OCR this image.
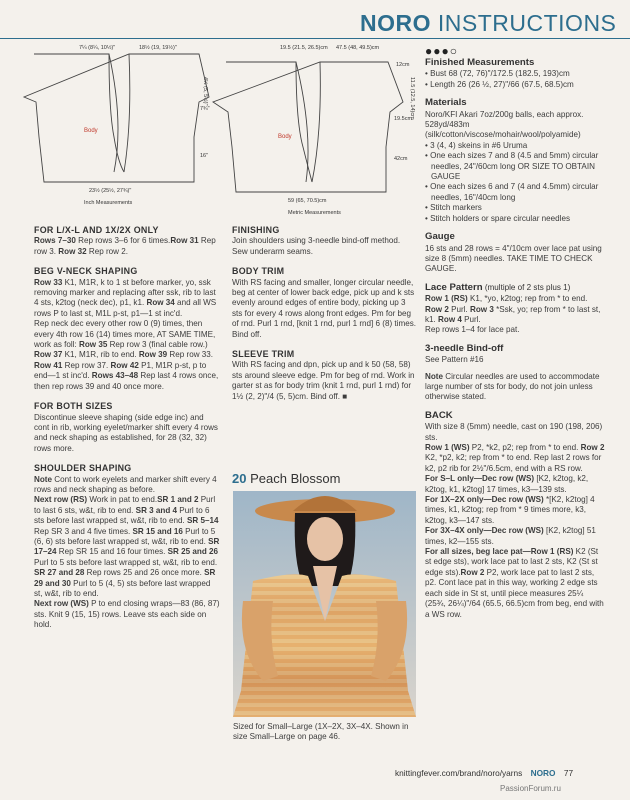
NORO INSTRUCTIONS
7¼ (8¼, 10½)"	18½ (19, 19½)"
4½ (5, 5½)"
7¾"
16"
23½ (25½, 27¾)"
Inch Measurements
Body
19.5 (21.5, 26.5)cm 47.5 (48, 49.5)cm
12cm
11.5 (12.5, 14)cm
19.5cm
42cm
59 (65, 70.5)cm
Metric Measurements
Body
FOR L/X-L AND 1X/2X ONLY

Rows 7–30 Rep rows 3–6 for 6 times.Row 31 Rep row 3. Row 32 Rep row 2.

BEG V-NECK SHAPING

Row 33 K1, M1R, k to 1 st before marker, yo, ssk removing marker and replacing after ssk, rib to last 4 sts, k2tog (neck dec), p1, k1. Row 34 and all WS rows P to last st, M1L p-st, p1—1 st inc'd.

Rep neck dec every other row 0 (9) times, then every 4th row 16 (14) times more, AT SAME TIME, work as foll: Row 35 Rep row 3 (final cable row.) Row 37 K1, M1R, rib to end. Row 39 Rep row 33. Row 41 Rep row 37. Row 42 P1, M1R p-st, p to end—1 st inc'd. Rows 43–48 Rep last 4 rows once, then rep rows 39 and 40 once more.

FOR BOTH SIZES

Discontinue sleeve shaping (side edge inc) and cont in rib, working eyelet/marker shift every 4 rows and neck shaping as established, for 28 (32, 32) rows more.

SHOULDER SHAPING

Note Cont to work eyelets and marker shift every 4 rows and neck shaping as before.

Next row (RS) Work in pat to end.SR 1 and 2 Purl to last 6 sts, w&t, rib to end. SR 3 and 4 Purl to 6 sts before last wrapped st, w&t, rib to end. SR 5–14 Rep SR 3 and 4 five times. SR 15 and 16 Purl to 5 (6, 6) sts before last wrapped st, w&t, rib to end. SR 17–24 Rep SR 15 and 16 four times. SR 25 and 26 Purl to 5 sts before last wrapped st, w&t, rib to end. SR 27 and 28 Rep rows 25 and 26 once more. SR 29 and 30 Purl to 5 (4, 5) sts before last wrapped st, w&t, rib to end.

Next row (WS) P to end closing wraps—83 (86, 87) sts. Knit 9 (15, 15) rows. Leave sts each side on hold.

FINISHING

Join shoulders using 3-needle bind-off method. Sew underarm seams.

BODY TRIM

With RS facing and smaller, longer circular needle, beg at center of lower back edge, pick up and k sts evenly around edges of entire body, picking up 3 sts for every 4 rows along front edges. Pm for beg of rnd. Purl 1 rnd, [knit 1 rnd, purl 1 rnd] 6 (8) times. Bind off.

SLEEVE TRIM

With RS facing and dpn, pick up and k 50 (58, 58) sts around sleeve edge. Pm for beg of rnd. Work in garter st as for body trim (knit 1 rnd, purl 1 rnd) for 1½ (2, 2)"/4 (5, 5)cm. Bind off. ■

20 Peach Blossom
Sized for Small–Large (1X–2X, 3X–4X. Shown in size Small–Large on page 46.
●●●○
Finished Measurements

• Bust 68 (72, 76)"/172.5 (182.5, 193)cm

• Length 26 (26 ½, 27)"/66 (67.5, 68.5)cm

Materials

Noro/KFI Akari 7oz/200g balls, each approx. 528yd/483m (silk/cotton/viscose/mohair/wool/polyamide)

• 3 (4, 4) skeins in #6 Uruma

• One each sizes 7 and 8 (4.5 and 5mm) circular needles, 24"/60cm long OR SIZE TO OBTAIN GAUGE

• One each sizes 6 and 7 (4 and 4.5mm) circular needles, 16"/40cm long

• Stitch markers

• Stitch holders or spare circular needles

Gauge

16 sts and 28 rows = 4"/10cm over lace pat using size 8 (5mm) needles. TAKE TIME TO CHECK GAUGE.

Lace Pattern (multiple of 2 sts plus 1)

Row 1 (RS) K1, *yo, k2tog; rep from * to end. Row 2 Purl. Row 3 *Ssk, yo; rep from * to last st, k1. Row 4 Purl.

Rep rows 1–4 for lace pat.

3-needle Bind-off

See Pattern #16

Note Circular needles are used to accommodate large number of sts for body, do not join unless otherwise stated.

BACK

With size 8 (5mm) needle, cast on 190 (198, 206) sts.

Row 1 (WS) P2, *k2, p2; rep from * to end. Row 2 K2, *p2, k2; rep from * to end. Rep last 2 rows for k2, p2 rib for 2½"/6.5cm, end with a RS row.

For S–L only—Dec row (WS) [K2, k2tog, k2, k2tog, k1, k2tog] 17 times, k3—139 sts.

For 1X–2X only—Dec row (WS) *[K2, k2tog] 4 times, k1, k2tog; rep from * 9 times more, k3, k2tog, k3—147 sts.

For 3X–4X only—Dec row (WS) [K2, k2tog] 51 times, k2—155 sts.

For all sizes, beg lace pat—Row 1 (RS) K2 (St st edge sts), work lace pat to last 2 sts, K2 (St st edge sts).Row 2 P2, work lace pat to last 2 sts, p2. Cont lace pat in this way, working 2 edge sts each side in St st, until piece measures 25¼ (25¾, 26¼)"/64 (65.5, 66.5)cm from beg, end with a WS row.

knittingfever.com/brand/noro/yarns NORO 77
PassionForum.ru
